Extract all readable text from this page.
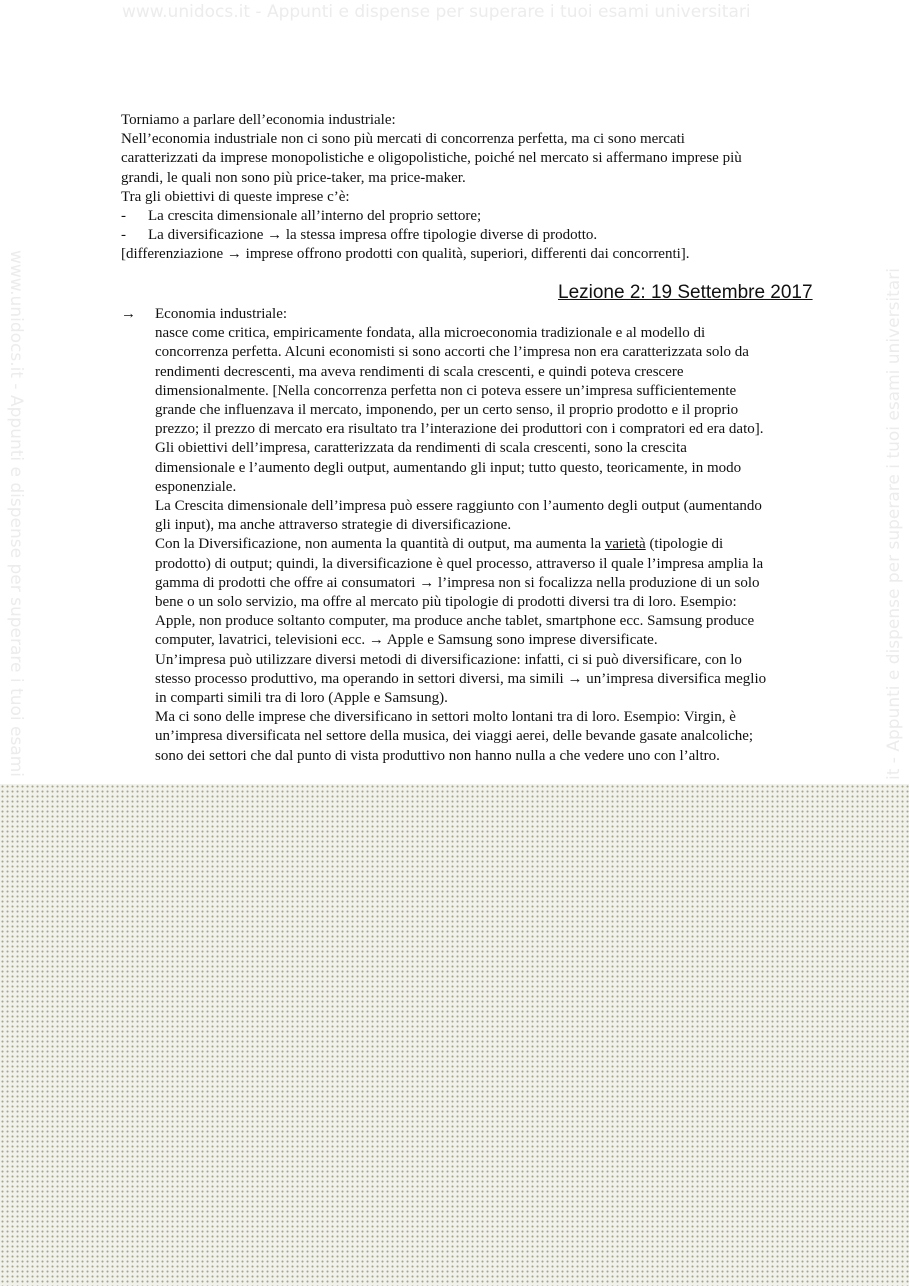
www.unidocs.it - Appunti e dispense per superare i tuoi esami universitari
www.unidocs.it - Appunti e dispense per superare i tuoi esami	it - Appunti e dispense per superare i tuoi esami universitari
Torniamo a parlare dell’economia industriale:
Nell’economia industriale non ci sono più mercati di concorrenza perfetta, ma ci sono mercati
caratterizzati da imprese monopolistiche e oligopolistiche, poiché nel mercato si affermano imprese più
grandi, le quali non sono più price-taker, ma price-maker.
Tra gli obiettivi di queste imprese c’è:
-	La crescita dimensionale all’interno del proprio settore;
-	La diversificazione → la stessa impresa offre tipologie diverse di prodotto.
[differenziazione → imprese offrono prodotti con qualità, superiori, differenti dai concorrenti].
Lezione 2: 19 Settembre 2017
→	Economia industriale:
nasce come critica, empiricamente fondata, alla microeconomia tradizionale e al modello di
concorrenza perfetta. Alcuni economisti si sono accorti che l’impresa non era caratterizzata solo da
rendimenti decrescenti, ma aveva rendimenti di scala crescenti, e quindi poteva crescere
dimensionalmente. [Nella concorrenza perfetta non ci poteva essere un’impresa sufficientemente
grande che influenzava il mercato, imponendo, per un certo senso, il proprio prodotto e il proprio
prezzo; il prezzo di mercato era risultato tra l’interazione dei produttori con i compratori ed era dato].
Gli obiettivi dell’impresa, caratterizzata da rendimenti di scala crescenti, sono la crescita
dimensionale e l’aumento degli output, aumentando gli input; tutto questo, teoricamente, in modo
esponenziale.
La Crescita dimensionale dell’impresa può essere raggiunto con l’aumento degli output (aumentando
gli input), ma anche attraverso strategie di diversificazione.
Con la Diversificazione, non aumenta la quantità di output, ma aumenta la varietà (tipologie di
prodotto) di output; quindi, la diversificazione è quel processo, attraverso il quale l’impresa amplia la
gamma di prodotti che offre ai consumatori → l’impresa non si focalizza nella produzione di un solo
bene o un solo servizio, ma offre al mercato più tipologie di prodotti diversi tra di loro. Esempio:
Apple, non produce soltanto computer, ma produce anche tablet, smartphone ecc. Samsung produce
computer, lavatrici, televisioni ecc. → Apple e Samsung sono imprese diversificate.
Un’impresa può utilizzare diversi metodi di diversificazione: infatti, ci si può diversificare, con lo
stesso processo produttivo, ma operando in settori diversi, ma simili → un’impresa diversifica meglio
in comparti simili tra di loro (Apple e Samsung).
Ma ci sono delle imprese che diversificano in settori molto lontani tra di loro. Esempio: Virgin, è
un’impresa diversificata nel settore della musica, dei viaggi aerei, delle bevande gasate analcoliche;
sono dei settori che dal punto di vista produttivo non hanno nulla a che vedere uno con l’altro.
